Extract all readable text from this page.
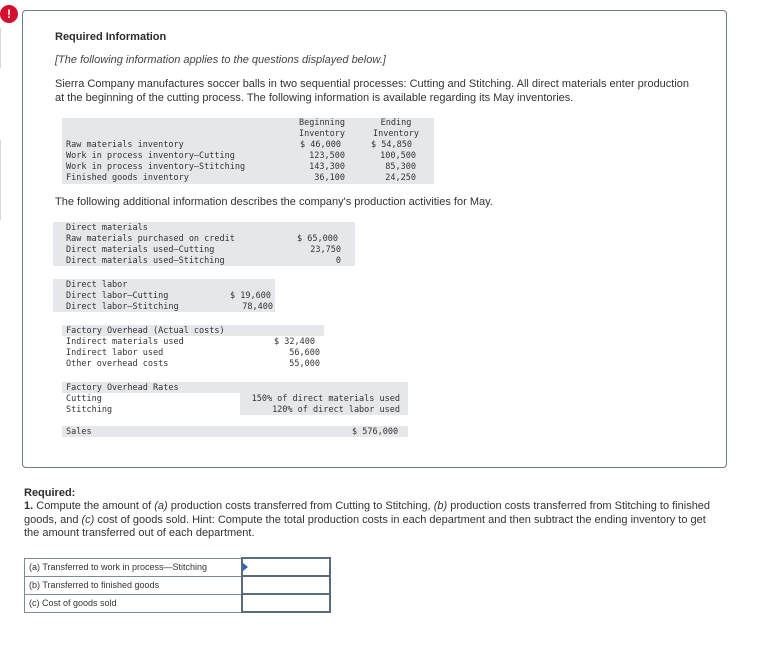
!
Required Information
[The following information applies to the questions displayed below.]
Sierra Company manufactures soccer balls in two sequential processes: Cutting and Stitching. All direct materials enter production at the beginning of the cutting process. The following information is available regarding its May inventories.
Beginning
Inventory
Ending
Inventory
Raw materials inventory	$ 46,000	$ 54,850
Work in process inventory—Cutting	123,500	100,500
Work in process inventory—Stitching	143,300	85,300
Finished goods inventory	36,100	24,250
The following additional information describes the company's production activities for May.
Direct materials
Raw materials purchased on credit	$ 65,000
Direct materials used—Cutting	23,750
Direct materials used—Stitching	0
Direct labor
Direct labor—Cutting	$ 19,600
Direct labor—Stitching	78,400
Factory Overhead (Actual costs)
Indirect materials used	$ 32,400
Indirect labor used	56,600
Other overhead costs	55,000
Factory Overhead Rates
Cutting	150% of direct materials used
Stitching	120% of direct labor used
Sales	$ 576,000
Required:
1. Compute the amount of (a) production costs transferred from Cutting to Stitching, (b) production costs transferred from Stitching to finished goods, and (c) cost of goods sold. Hint: Compute the total production costs in each department and then subtract the ending inventory to get the amount transferred out of each department.
(a) Transferred to work in process—Stitching	

(b) Transferred to finished goods	
(c) Cost of goods sold	
